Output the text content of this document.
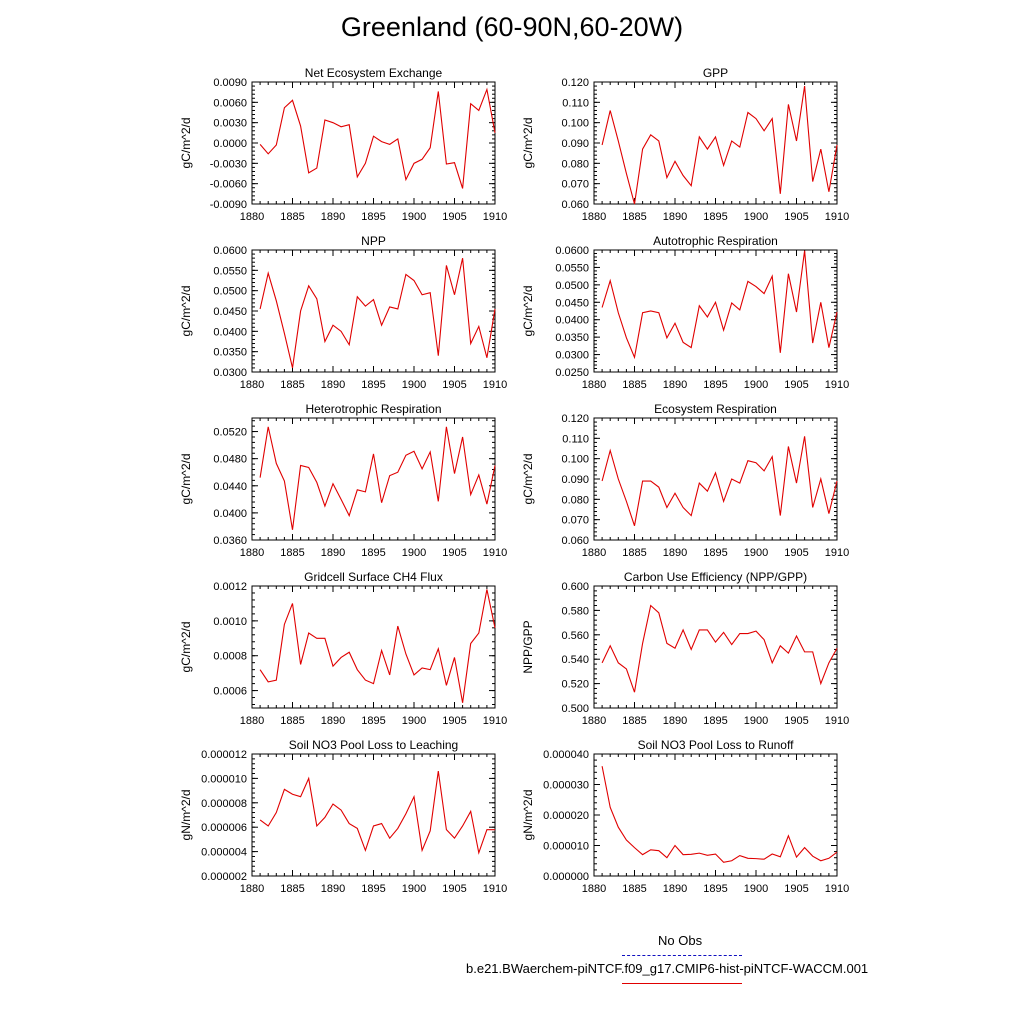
Greenland (60-90N,60-20W)
Net Ecosystem Exchange
gC/m^2/d
1880 1885 1890 1895 1900 1905 1910
-0.0090
-0.0060
-0.0030
0.0000
0.0030
0.0060
0.0090
GPP
gC/m^2/d
1880 1885 1890 1895 1900 1905 1910
0.060
0.070
0.080
0.090
0.100
0.110
0.120
NPP
gC/m^2/d
1880 1885 1890 1895 1900 1905 1910
0.0300
0.0350
0.0400
0.0450
0.0500
0.0550
0.0600
Autotrophic Respiration
gC/m^2/d
1880 1885 1890 1895 1900 1905 1910
0.0250
0.0300
0.0350
0.0400
0.0450
0.0500
0.0550
0.0600
Heterotrophic Respiration
gC/m^2/d
1880 1885 1890 1895 1900 1905 1910
0.0360
0.0400
0.0440
0.0480
0.0520
Ecosystem Respiration
gC/m^2/d
1880 1885 1890 1895 1900 1905 1910
0.060
0.070
0.080
0.090
0.100
0.110
0.120
Gridcell Surface CH4 Flux
gC/m^2/d
1880 1885 1890 1895 1900 1905 1910
0.0006
0.0008
0.0010
0.0012
Carbon Use Efficiency (NPP/GPP)
NPP/GPP
1880 1885 1890 1895 1900 1905 1910
0.500
0.520
0.540
0.560
0.580
0.600
Soil NO3 Pool Loss to Leaching
gN/m^2/d
1880 1885 1890 1895 1900 1905 1910
0.000002
0.000004
0.000006
0.000008
0.000010
0.000012
Soil NO3 Pool Loss to Runoff
gN/m^2/d
1880 1885 1890 1895 1900 1905 1910
0.000000
0.000010
0.000020
0.000030
0.000040
No Obs
b.e21.BWaerchem-piNTCF.f09_g17.CMIP6-hist-piNTCF-WACCM.001
